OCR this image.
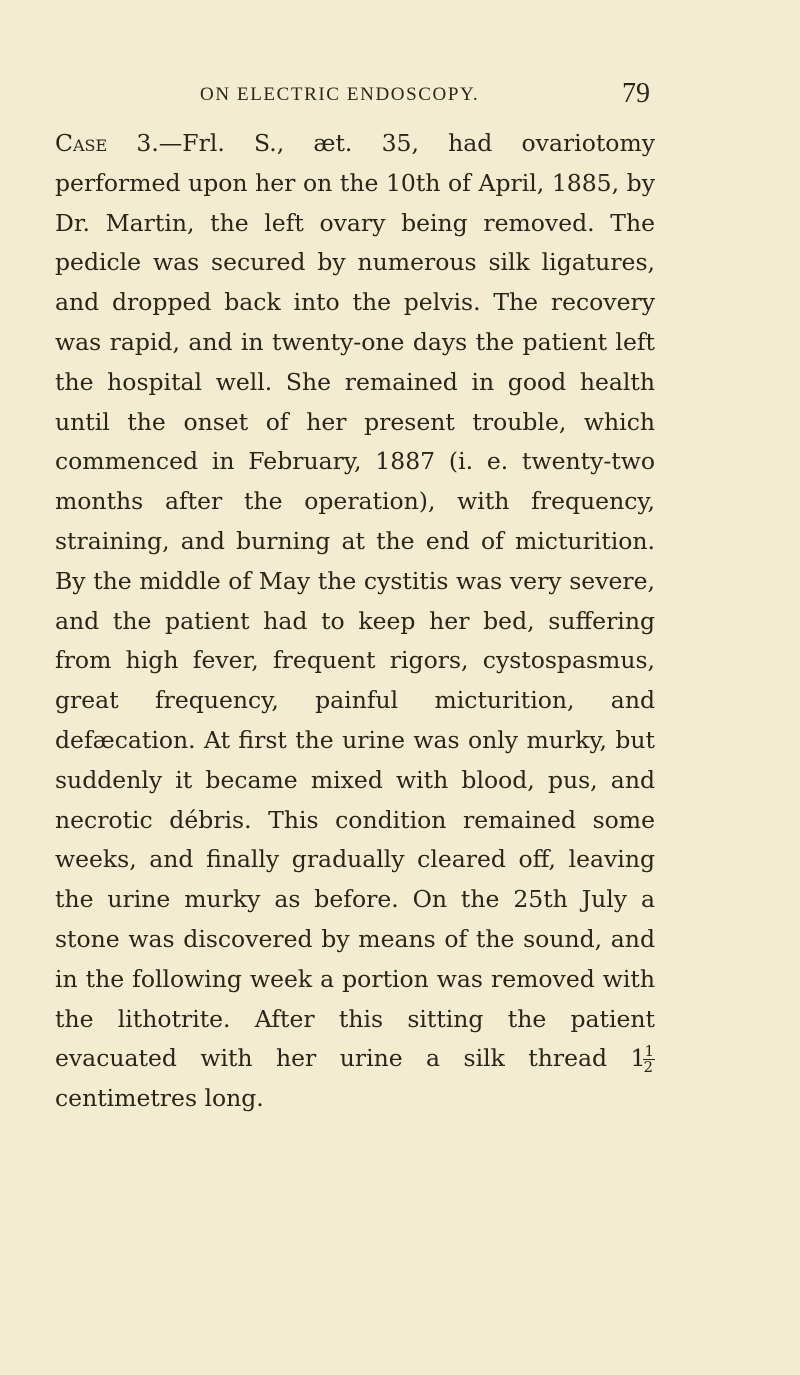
ON ELECTRIC ENDOSCOPY.	79

Case 3.—Frl. S., æt. 35, had ovariotomy performed upon her on the 10th of April, 1885, by Dr. Martin, the left ovary being removed. The pedicle was secured by numerous silk ligatures, and dropped back into the pelvis. The recovery was rapid, and in twenty-one days the patient left the hospital well. She remained in good health until the onset of her present trouble, which commenced in February, 1887 (i. e. twenty-two months after the operation), with frequency, straining, and burning at the end of micturition. By the middle of May the cystitis was very severe, and the patient had to keep her bed, suffering from high fever, frequent rigors, cystospasmus, great frequency, painful micturition, and defæcation. At first the urine was only murky, but suddenly it became mixed with blood, pus, and necrotic débris. This condition remained some weeks, and finally gradually cleared off, leaving the urine murky as before. On the 25th July a stone was discovered by means of the sound, and in the following week a portion was removed with the lithotrite. After this sitting the patient evacuated with her urine a silk thread 1
$\frac{1}{2}$
centimetres long.
